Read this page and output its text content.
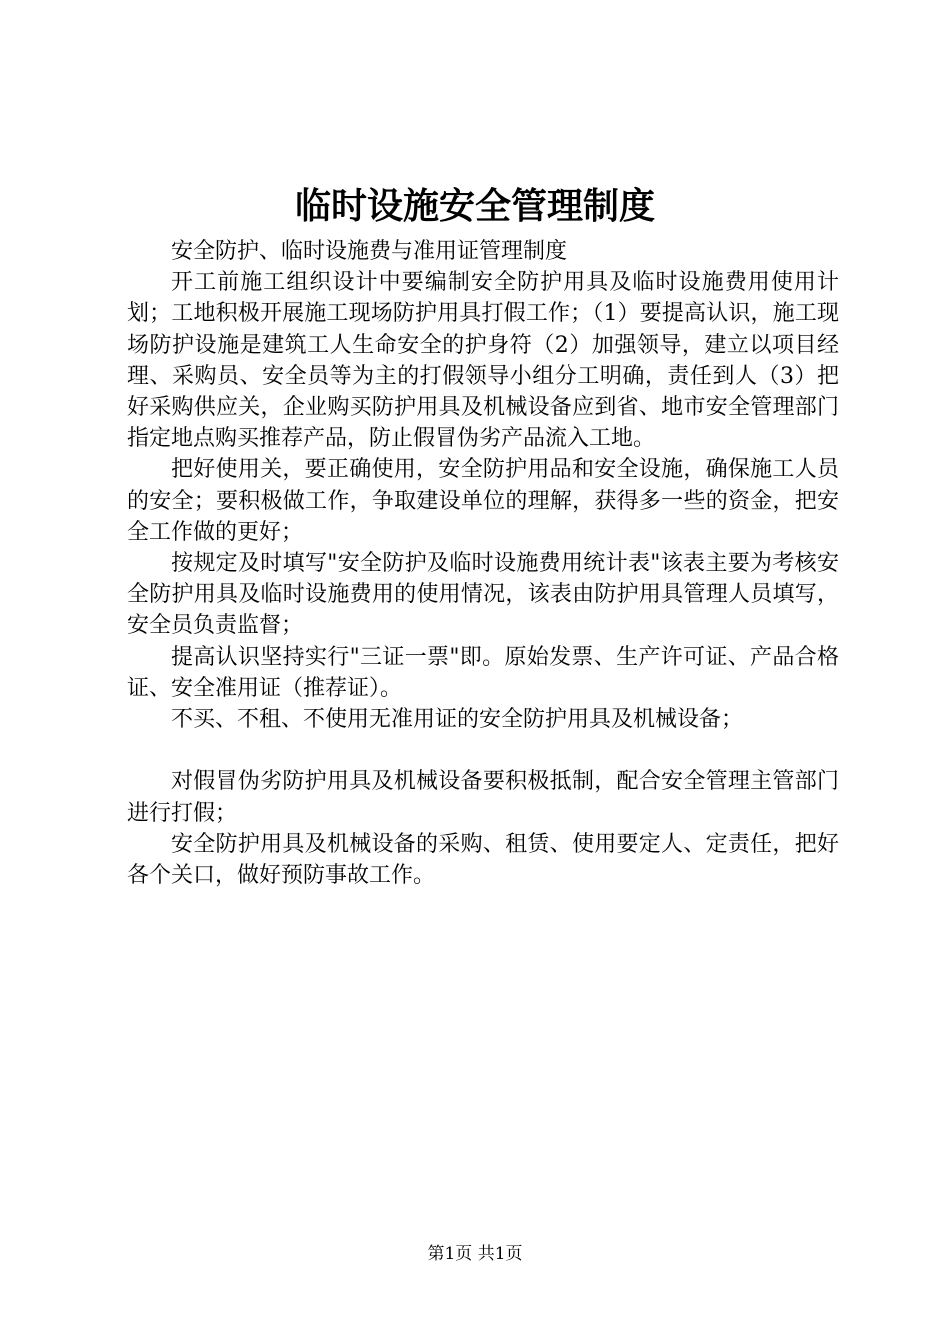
临时设施安全管理制度

安全防护、临时设施费与准用证管理制度

开工前施工组织设计中要编制安全防护用具及临时设施费用使用计划；工地积极开展施工现场防护用具打假工作；（1）要提高认识，施工现场防护设施是建筑工人生命安全的护身符（2）加强领导，建立以项目经理、采购员、安全员等为主的打假领导小组分工明确，责任到人（3）把好采购供应关，企业购买防护用具及机械设备应到省、地市安全管理部门指定地点购买推荐产品，防止假冒伪劣产品流入工地。

把好使用关，要正确使用，安全防护用品和安全设施，确保施工人员的安全；要积极做工作，争取建设单位的理解，获得多一些的资金，把安全工作做的更好；

按规定及时填写"安全防护及临时设施费用统计表"该表主要为考核安全防护用具及临时设施费用的使用情况，该表由防护用具管理人员填写，安全员负责监督；

提高认识坚持实行"三证一票"即。原始发票、生产许可证、产品合格证、安全准用证（推荐证）。

不买、不租、不使用无准用证的安全防护用具及机械设备；

对假冒伪劣防护用具及机械设备要积极抵制，配合安全管理主管部门进行打假；

安全防护用具及机械设备的采购、租赁、使用要定人、定责任，把好各个关口，做好预防事故工作。

第1页 共1页
